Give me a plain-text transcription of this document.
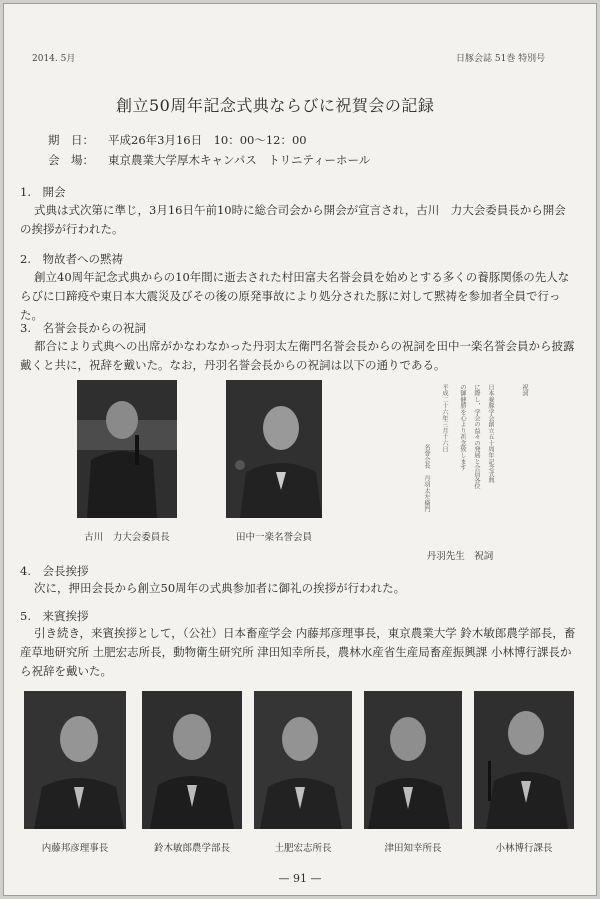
2014. 5月	日豚会誌 51巻 特別号
創立50周年記念式典ならびに祝賀会の記録
期　日： 平成26年3月16日　10：00～12：00
会　場： 東京農業大学厚木キャンパス　トリニティーホール
1.　開会
式典は式次第に準じ，3月16日午前10時に総合司会から開会が宣言され，古川　力大会委員長から開会の挨拶が行われた。
2.　物故者への黙祷
創立40周年記念式典からの10年間に逝去された村田富夫名誉会員を始めとする多くの養豚関係の先人ならびに口蹄疫や東日本大震災及びその後の原発事故により処分された豚に対して黙祷を参加者全員で行った。
3.　名誉会長からの祝詞
都合により式典への出席がかなわなかった丹羽太左衛門名誉会長からの祝詞を田中一楽名誉会員から披露戴くと共に，祝辞を戴いた。なお，丹羽名誉会長からの祝詞は以下の通りである。
古川　力大会委員長	田中一楽名誉会員
祝詞
日本養豚学会創立五十周年記念式典
に際し，学会の益々の発展と会員各位
の御健勝を心より祈念致します
平成二十六年三月十六日
名誉会長　丹羽太左衛門
丹羽先生　祝詞
4.　会長挨拶
次に，押田会長から創立50周年の式典参加者に御礼の挨拶が行われた。
5.　来賓挨拶
引き続き，来賓挨拶として，（公社）日本畜産学会 内藤邦彦理事長，東京農業大学 鈴木敏郎農学部長，畜産草地研究所 土肥宏志所長，動物衛生研究所 津田知幸所長，農林水産省生産局畜産振興課 小林博行課長から祝辞を戴いた。
内藤邦彦理事長	鈴木敏郎農学部長	土肥宏志所長	津田知幸所長	小林博行課長
— 91 —
